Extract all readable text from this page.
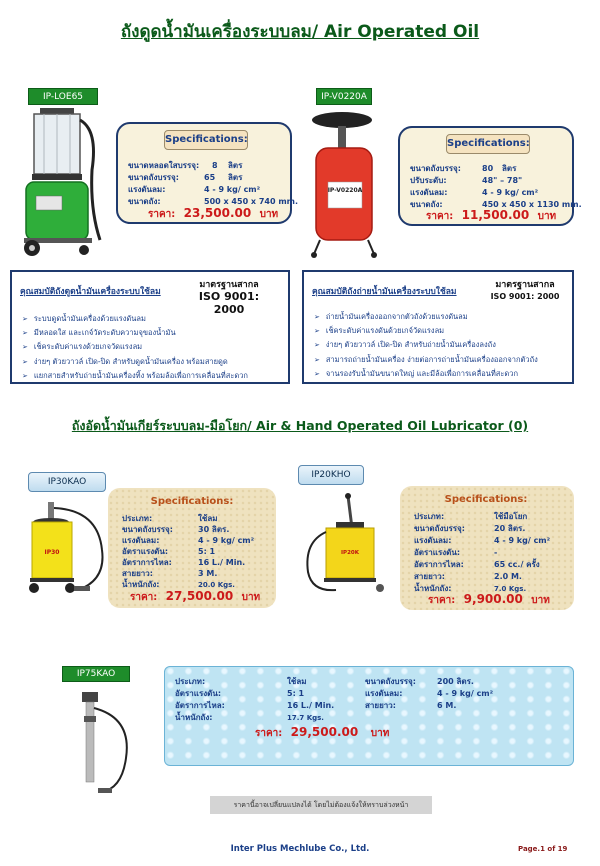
ถังดูดน้ำมันเครื่องระบบลม/ Air Operated Oil
IP-LOE65
Specifications:
ขนาดหลอดใสบรรจุ: 8 ลิตร
ขนาดถังบรรจุ:	65 ลิตร
แรงดันลม:	4 - 9 kg/ cm²
ขนาดถัง:	500 x 450 x 740 mm.
ราคา: 23,500.00 บาท
IP-V0220A
IP-V0220A
Specifications:
ขนาดถังบรรจุ:	80 ลิตร
ปรับระดับ:	48" – 78"
แรงดันลม:	4 - 9 kg/ cm²
ขนาดถัง:	450 x 450 x 1130 mm.
ราคา: 11,500.00 บาท
คุณสมบัติถังดูดน้ำมันเครื่องระบบใช้ลม
มาตรฐานสากล
ISO 9001: 2000
➢ ระบบดูดน้ำมันเครื่องด้วยแรงดันลม
➢ มีหลอดใส และเกจ์วัดระดับความจุของน้ำมัน
➢ เช็คระดับค่าแรงด้วยเกจวัดแรงลม
➢ ง่ายๆ ตัวยวาวล์ เปิด-ปิด สำหรับดูดน้ำมันเครื่อง พร้อมสายดูด
➢ แยกสายสำหรับถ่ายน้ำมันเครื่องทิ้ง พร้อมล้อเพื่อการเคลื่อนที่สะดวก
คุณสมบัติถังถ่ายน้ำมันเครื่องระบบใช้ลม
มาตรฐานสากล
ISO 9001: 2000
➢ ถ่ายน้ำมันเครื่องออกจากตัวถังด้วยแรงดันลม
➢ เช็คระดับค่าแรงดันด้วยเกจ์วัดแรงลม
➢ ง่ายๆ ตัวยวาวล์ เปิด-ปิด สำหรับถ่ายน้ำมันเครื่องลงถัง
➢ สามารถถ่ายน้ำมันเครื่อง ง่ายต่อการถ่ายน้ำมันเครื่องออกจากตัวถัง
➢ จานรองรับน้ำมันขนาดใหญ่ และมีล้อเพื่อการเคลื่อนที่สะดวก
ถังอัดน้ำมันเกียร์ระบบลม-มือโยก/ Air & Hand Operated Oil Lubricator (0)
IP30KAO
IP30
Specifications:
ประเภท:	ใช้ลม
ขนาดถังบรรจุ:	30 ลิตร.
แรงดันลม:	4 - 9 kg/ cm²
อัตราแรงดัน:	5: 1
อัตราการไหล:	16 L./ Min.
สายยาว:	3 M.
น้ำหนักถัง:	20.0 Kgs.
ราคา: 27,500.00 บาท
IP20KHO
IP20K
Specifications:
ประเภท:	ใช้มือโยก
ขนาดถังบรรจุ:	20 ลิตร.
แรงดันลม:	4 - 9 kg/ cm²
อัตราแรงดัน:	-
อัตราการไหล:	65 cc./ ครั้ง
สายยาว:	2.0 M.
น้ำหนักถัง:	7.0 Kgs.
ราคา: 9,900.00 บาท
IP75KAO
ประเภท:	ใช้ลม
อัตราแรงดัน:	5: 1
อัตราการไหล:	16 L./ Min.
น้ำหนักถัง:	17.7 Kgs.
ขนาดถังบรรจุ:	200 ลิตร.
แรงดันลม:	4 - 9 kg/ cm²
สายยาว:	6 M.
ราคา: 29,500.00 บาท
ราคานี้อาจเปลี่ยนแปลงได้ โดยไม่ต้องแจ้งให้ทราบล่วงหน้า
Inter Plus Mechlube Co., Ltd.	Page.1 of 19
